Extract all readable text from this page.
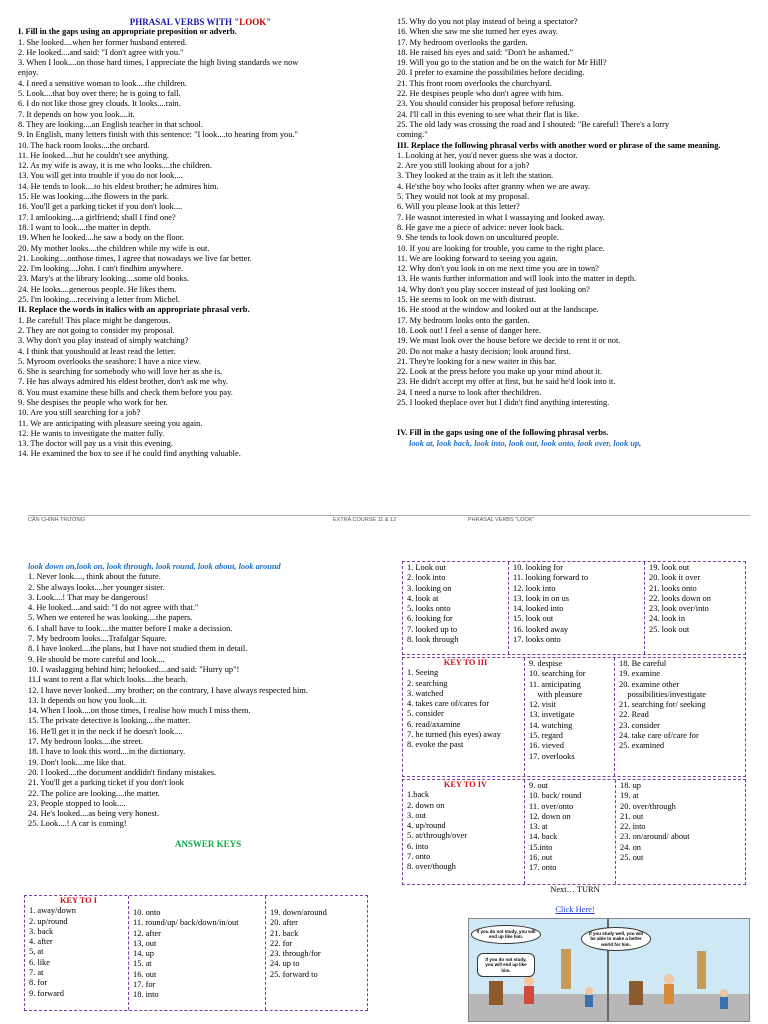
PHRASAL VERBS WITH "LOOK"

I. Fill in the gaps using an appropriate preposition or adverb.

1. She looked....when her former husband entered.

2. He looked....and said: "I don't agree with you."

3. When I look....on those hard times, I appreciate the high living standards we now

enjoy.

4. I need a sensitive woman to look....the children.

5. Look....that boy over there; he is going to fall.

6. I do not like those grey clouds. It looks....rain.

7. It depends on how you look....it.

8. They are looking....an English teacher in that school.

9. In English, many letters finish with this sentence: "I look....to hearing from you."

10. The back room looks....the orchard.

11. He looked....but he couldn't see anything.

12. As my wife is away, it is me who looks....the children.

13. You will get into trouble if you do not look....

14. He tends to look....to his eldest brother; he admires him.

15. He was looking....the flowers in the park.

16. You'll get a parking ticket if you don't look....

17. I amlooking....a girlfriend; shall I find one?

18. I want to look....the matter in depth.

19. When he looked....he saw a body on the floor.

20. My mother looks....the children while my wife is out.

21. Looking....onthose times, I agree that nowadays we live far better.

22. I'm looking....John. I can't findhim anywhere.

23. Mary's at the library looking....some old books.

24. He looks....generous people. He likes them.

25. I'm looking....receiving a letter from Michel.

II. Replace the words in italics with an appropriate phrasal verb.

1. Be careful! This place might be dangerous.

2. They are not going to consider my proposal.

3. Why don't you play instead of simply watching?

4. I think that youshould at least read the letter.

5. Myroom overlooks the seashore: I have a nice view.

6. She is searching for somebody who will love her as she is.

7. He has always admired his eldest brother, don't ask me why.

8. You must examine these bills and check them before you pay.

9. She despises the people who work for her.

10. Are you still searching for a job?

11. We are anticipating with pleasure seeing you again.

12. He wants to investigate the matter fully.

13. The doctor will pay us a visit this evening.

14. He examined the box to see if he could find anything valuable.

15. Why do you not play instead of being a spectator?

16. When she saw me she turned her eyes away.

17. My bedroom overlooks the garden.

18. He raised his eyes and said: "Don't be ashamed."

19. Will you go to the station and be on the watch for Mr Hill?

20. I prefer to examine the possibilities before deciding.

21. This front room overlooks the churchyard.

22. He despises people who don't agree with him.

23. You should consider his proposal before refusing.

24. I'll call in this evening to see what their flat is like.

25. The old lady was crossing the road and I shouted: "Be careful! There's a lorry

coming."

III. Replace the following phrasal verbs with another word or phrase of the same meaning.

1. Looking at her, you'd never guess she was a doctor.

2. Are you still looking about for a job?

3. They looked at the train as it left the station.

4. He'sthe boy who looks after granny when we are away.

5. They would not look at my proposal.

6. Will you please look at this letter?

7. He wasnot interested in what I wassaying and looked away.

8. He gave me a piece of advice: never look back.

9. She tends to look down on uncultured people.

10. If you are looking for trouble, you came to the right place.

11. We are looking forward to seeing you again.

12. Why don't you look in on me next time you are in town?

13. He wants further information and will look into the matter in depth.

14. Why don't you play soccer instead of just looking on?

15. He seems to look on me with distrust.

16. He stood at the window and looked out at the landscape.

17. My bedroom looks onto the garden.

18. Look out! I feel a sense of danger here.

19. We must look over the house before we decide to rent it or not.

20. Do not make a hasty decision; look around first.

21. They're looking for a new waiter in this bar.

22. Look at the press before you make up your mind about it.

23. He didn't accept my offer at first, but he said he'd look into it.

24. I need a nurse to look after thechildren.

25. I looked theplace over but I didn't find anything interesting.

IV. Fill in the gaps using one of the following phrasal verbs.

look at, look back, look into, look out, look onto, look over, look up,

CẦN CHÍNH TRƯỜNG	EXTRA COURSE 11 & 12	PHRASAL VERBS "LOOK"

look down on,look on, look through, look round, look about, look around

1. Never look...., think about the future.

2. She always looks....her younger sister.

3. Look....! That may be dangerous!

4. He looked....and said: "I do not agree with that."

5. When we entered he was looking....the papers.

6. I shall have to look....the matter before I make a decission.

7. My bedroom looks....Trafalgar Square.

8. I have looked....the plans, but I have not studied them in detail.

9. He should be more careful and look....

10. I waslagging behind him; helooked....and said: "Hurry up"!

11.I want to rent a flat which looks....the beach.

12. I have never looked....my brother; on the contrary, I have always respected him.

13. It depends on how you look...it.

14. When I look....on those times, I realise how much I miss them.

15. The private detective is looking....the matter.

16. He'll get it in the neck if he doesn't look....

17. My bedroon looks....the street.

18. I have to look this word....in the dictionary.

19. Don't look....me like that.

20. I looked....the document anddidn't findany mistakes.

21. You'll get a parking ticket if you don't look

22. The police are looking....the matter.

23. People stopped to look....

24. He's looked....as being very honest.

25. Look....! A car is coming!

ANSWER KEYS

KEY TO I

1. away/down

2. up/round

3. back

4. after

5, at

6. like

7. at

8. for

9. forward

10. onto

11. round/up/ back/down/in/out

12. after

13, out

14. up

15. at

16. out

17. for

18. into

19. down/around

20. after

21. back

22. for

23. through/for

24. up to

25. forward to

1. Look out

2. look into

3. looking on

4. look at

5. looks onto

6. looking for

7. looked up to

8. look through

10. looking for

11. looking forward to

12. look into

13. look in on us

14. looked into

15. look out

16. looked away

17. looks onto

19. look out

20. look it over

21. looks onto

22. looks down on

23. look over/into

24. look in

25. look out

KEY TO III

1. Seeing

2. searching

3. watched

4. takes care of/cares for

5. consider

6. read/axamine

7. he turned (his eyes) away

8. evoke the past

9. despise

10. searching for

11. anticipating

with pleasure

12. visit

13. invetigate

14. watching

15. regard

16. vieved

17. overlooks

18. Be careful

19. examine

20. examine other

possibilities/investigate

21. searching for/ seeking

22. Read

23. consider

24. take care of/care for

25. examined

KEY TO IV

1.back

2. down on

3. out

4. up/round

5. at/through/over

6. into

7. onto

8. over/though

9. out

10. back/ round

11. over/onto

12. down on

13. at

14. back

15.into

16. out

17. onto

18. up

19. at

20. over/through

21. out

22. into

23. on/around/ about

24. on

25. out

Next… TURN

Click Here!

If you do not study, you will end up like him.
If you study well, you will be able to make a better world for him.
If you do not study, you will end up like him.
